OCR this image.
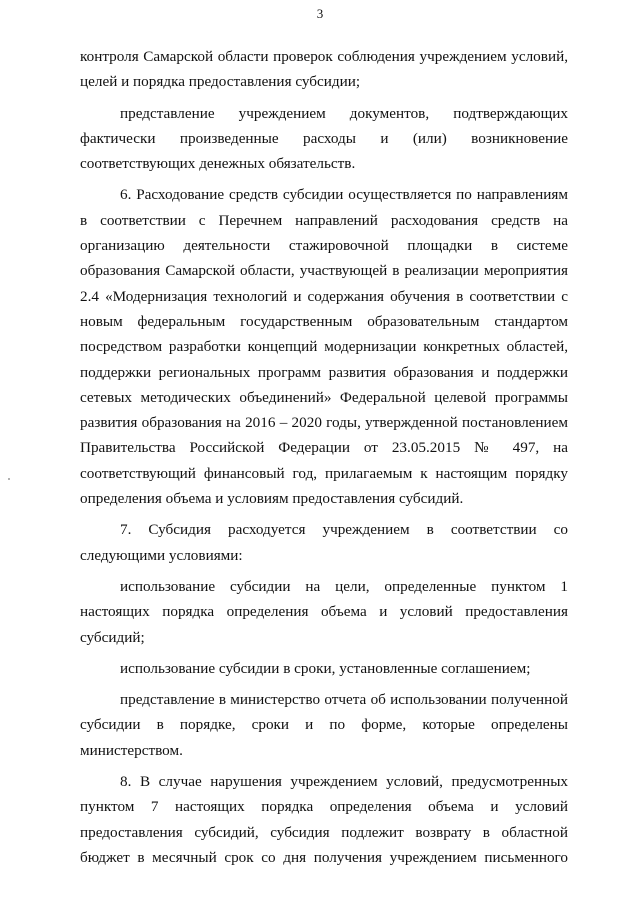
3

контроля Самарской области проверок соблюдения учреждением условий, целей и порядка предоставления субсидии;

представление учреждением документов, подтверждающих фактически произведенные расходы и (или) возникновение соответствующих денежных обязательств.

6. Расходование средств субсидии осуществляется по направлениям в соответствии с Перечнем направлений расходования средств на организацию деятельности стажировочной площадки в системе образования Самарской области, участвующей в реализации мероприятия 2.4 «Модернизация технологий и содержания обучения в соответствии с новым федеральным государственным образовательным стандартом посредством разработки концепций модернизации конкретных областей, поддержки региональных программ развития образования и поддержки сетевых методических объединений» Федеральной целевой программы развития образования на 2016 – 2020 годы, утвержденной постановлением Правительства Российской Федерации от 23.05.2015 № 497, на соответствующий финансовый год, прилагаемым к настоящим порядку определения объема и условиям предоставления субсидий.

7. Субсидия расходуется учреждением в соответствии со следующими условиями:

использование субсидии на цели, определенные пунктом 1 настоящих порядка определения объема и условий предоставления субсидий;

использование субсидии в сроки, установленные соглашением;

представление в министерство отчета об использовании полученной субсидии в порядке, сроки и по форме, которые определены министерством.

8. В случае нарушения учреждением условий, предусмотренных пунктом 7 настоящих порядка определения объема и условий предоставления субсидий, субсидия подлежит возврату в областной бюджет в месячный срок со дня получения учреждением письменного
